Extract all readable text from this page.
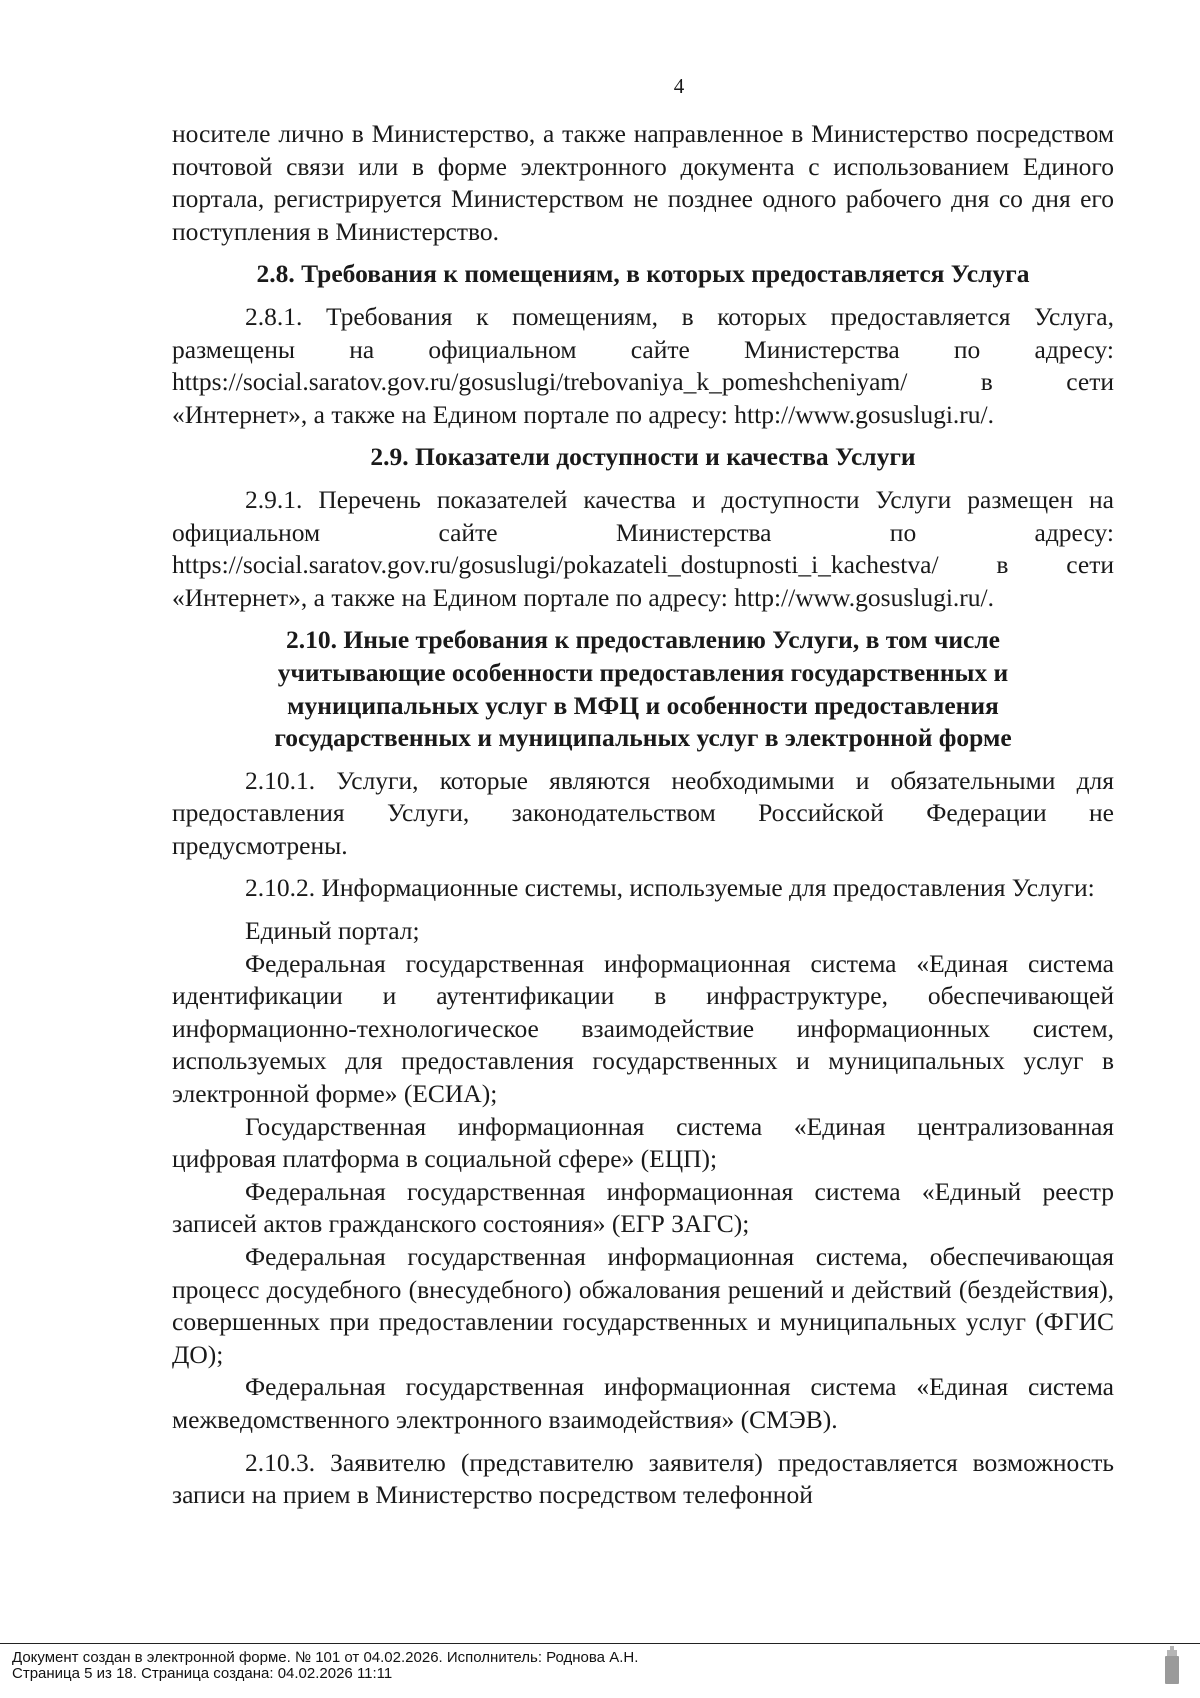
4

носителе лично в Министерство, а также направленное в Министерство посредством почтовой связи или в форме электронного документа с использованием Единого портала, регистрируется Министерством не позднее одного рабочего дня со дня его поступления в Министерство.

2.8. Требования к помещениям, в которых предоставляется Услуга

2.8.1. Требования к помещениям, в которых предоставляется Услуга, размещены на официальном сайте Министерства по адресу: https://social.saratov.gov.ru/gosuslugi/trebovaniya_k_pomeshcheniyam/ в сети «Интернет», а также на Едином портале по адресу: http://www.gosuslugi.ru/.

2.9. Показатели доступности и качества Услуги

2.9.1. Перечень показателей качества и доступности Услуги размещен на официальном сайте Министерства по адресу: https://social.saratov.gov.ru/gosuslugi/pokazateli_dostupnosti_i_kachestva/ в сети «Интернет», а также на Едином портале по адресу: http://www.gosuslugi.ru/.

2.10. Иные требования к предоставлению Услуги, в том числе учитывающие особенности предоставления государственных и муниципальных услуг в МФЦ и особенности предоставления государственных и муниципальных услуг в электронной форме

2.10.1. Услуги, которые являются необходимыми и обязательными для предоставления Услуги, законодательством Российской Федерации не предусмотрены.

2.10.2. Информационные системы, используемые для предоставления Услуги:

Единый портал;

Федеральная государственная информационная система «Единая система идентификации и аутентификации в инфраструктуре, обеспечивающей информационно-технологическое взаимодействие информационных систем, используемых для предоставления государственных и муниципальных услуг в электронной форме» (ЕСИА);

Государственная информационная система «Единая централизованная цифровая платформа в социальной сфере» (ЕЦП);

Федеральная государственная информационная система «Единый реестр записей актов гражданского состояния» (ЕГР ЗАГС);

Федеральная государственная информационная система, обеспечивающая процесс досудебного (внесудебного) обжалования решений и действий (бездействия), совершенных при предоставлении государственных и муниципальных услуг (ФГИС ДО);

Федеральная государственная информационная система «Единая система межведомственного электронного взаимодействия» (СМЭВ).

2.10.3. Заявителю (представителю заявителя) предоставляется возможность записи на прием в Министерство посредством телефонной

Документ создан в электронной форме. № 101 от 04.02.2026. Исполнитель: Роднова А.Н.
Страница 5 из 18. Страница создана: 04.02.2026 11:11
